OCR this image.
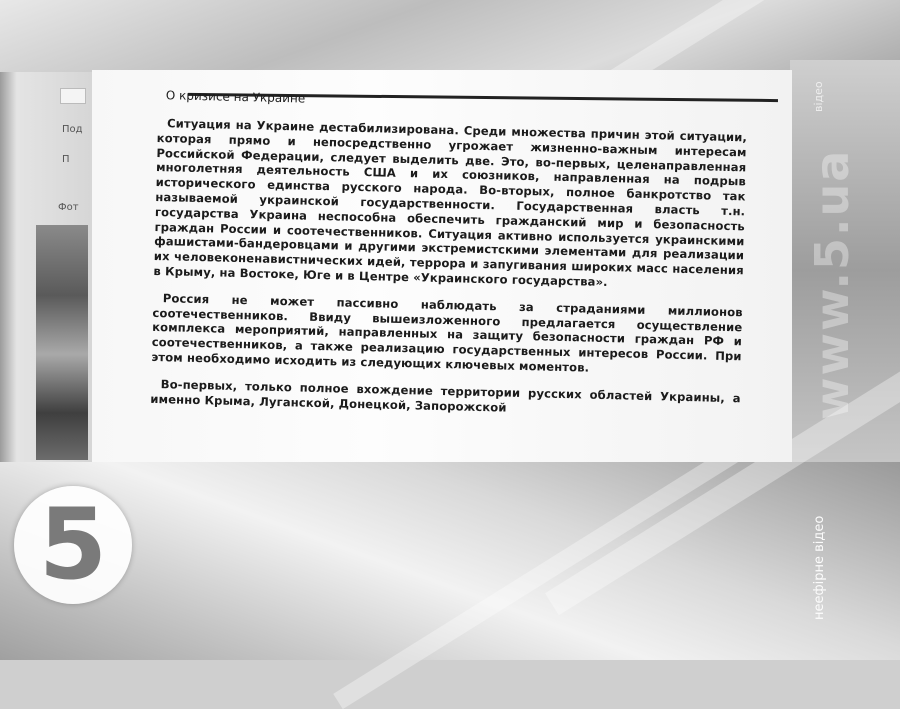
Под
П
Фот
О кризисе на Украине

Ситуация на Украине дестабилизирована. Среди множества причин этой ситуации, которая прямо и непосредственно угрожает жизненно-важным интересам Российской Федерации, следует выделить две. Это, во-первых, целенаправленная многолетняя деятельность США и их союзников, направленная на подрыв исторического единства русского народа. Во-вторых, полное банкротство так называемой украинской государственности. Государственная власть т.н. государства Украина неспособна обеспечить гражданский мир и безопасность граждан России и соотечественников. Ситуация активно используется украинскими фашистами-бандеровцами и другими экстремистскими элементами для реализации их человеконенавистнических идей, террора и запугивания широких масс населения в Крыму, на Востоке, Юге и в Центре «Украинского государства».

Россия не может пассивно наблюдать за страданиями миллионов соотечественников. Ввиду вышеизложенного предлагается осуществление комплекса мероприятий, направленных на защиту безопасности граждан РФ и соотечественников, а также реализацию государственных интересов России. При этом необходимо исходить из следующих ключевых моментов.

Во-первых, только полное вхождение территории русских областей Украины, а именно Крыма, Луганской, Донецкой, Запорожской

5
www.5.ua
відео
неефірне відео
